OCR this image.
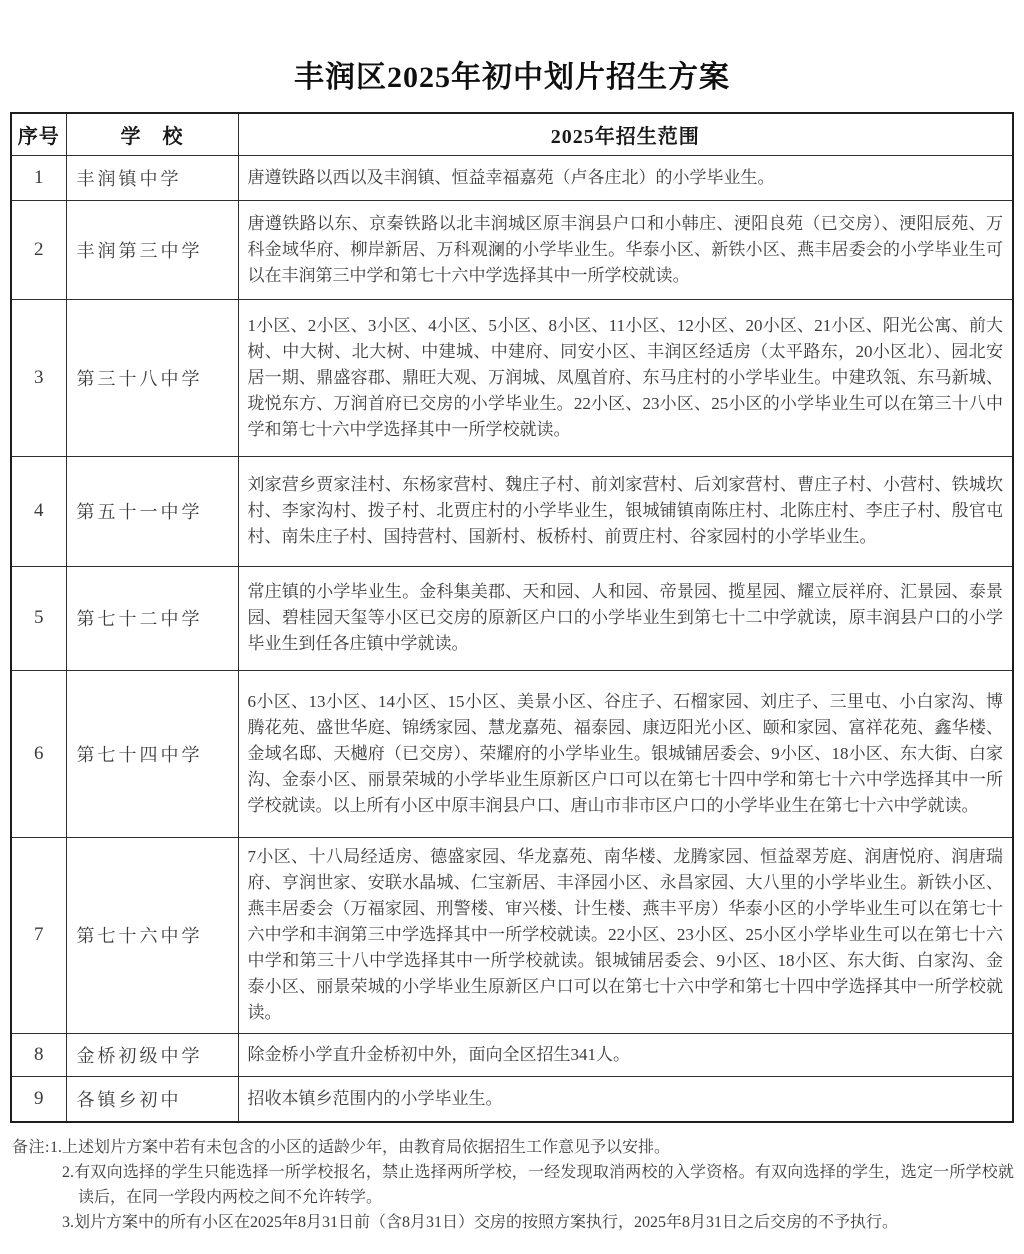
丰润区2025年初中划片招生方案
序号	学　校	2025年招生范围
1	丰润镇中学	唐遵铁路以西以及丰润镇、恒益幸福嘉苑（卢各庄北）的小学毕业生。
2	丰润第三中学	唐遵铁路以东、京秦铁路以北丰润城区原丰润县户口和小韩庄、浭阳良苑（已交房）、浭阳辰苑、万科金域华府、柳岸新居、万科观澜的小学毕业生。华泰小区、新铁小区、燕丰居委会的小学毕业生可以在丰润第三中学和第七十六中学选择其中一所学校就读。
3	第三十八中学	1小区、2小区、3小区、4小区、5小区、8小区、11小区、12小区、20小区、21小区、阳光公寓、前大树、中大树、北大树、中建城、中建府、同安小区、丰润区经适房（太平路东，20小区北）、园北安居一期、鼎盛容郡、鼎旺大观、万润城、凤凰首府、东马庄村的小学毕业生。中建玖瓴、东马新城、珑悦东方、万润首府已交房的小学毕业生。22小区、23小区、25小区的小学毕业生可以在第三十八中学和第七十六中学选择其中一所学校就读。
4	第五十一中学	刘家营乡贾家洼村、东杨家营村、魏庄子村、前刘家营村、后刘家营村、曹庄子村、小营村、铁城坎村、李家沟村、拨子村、北贾庄村的小学毕业生，银城铺镇南陈庄村、北陈庄村、李庄子村、殷官屯村、南朱庄子村、国持营村、国新村、板桥村、前贾庄村、谷家园村的小学毕业生。
5	第七十二中学	常庄镇的小学毕业生。金科集美郡、天和园、人和园、帝景园、揽星园、耀立辰祥府、汇景园、泰景园、碧桂园天玺等小区已交房的原新区户口的小学毕业生到第七十二中学就读，原丰润县户口的小学毕业生到任各庄镇中学就读。
6	第七十四中学	6小区、13小区、14小区、15小区、美景小区、谷庄子、石榴家园、刘庄子、三里屯、小白家沟、博腾花苑、盛世华庭、锦绣家园、慧龙嘉苑、福泰园、康迈阳光小区、颐和家园、富祥花苑、鑫华楼、金域名邸、天樾府（已交房）、荣耀府的小学毕业生。银城铺居委会、9小区、18小区、东大街、白家沟、金泰小区、丽景荣城的小学毕业生原新区户口可以在第七十四中学和第七十六中学选择其中一所学校就读。以上所有小区中原丰润县户口、唐山市非市区户口的小学毕业生在第七十六中学就读。
7	第七十六中学	7小区、十八局经适房、德盛家园、华龙嘉苑、南华楼、龙腾家园、恒益翠芳庭、润唐悦府、润唐瑞府、亨润世家、安联水晶城、仁宝新居、丰泽园小区、永昌家园、大八里的小学毕业生。新铁小区、燕丰居委会（万福家园、刑警楼、审兴楼、计生楼、燕丰平房）华泰小区的小学毕业生可以在第七十六中学和丰润第三中学选择其中一所学校就读。22小区、23小区、25小区小学毕业生可以在第七十六中学和第三十八中学选择其中一所学校就读。银城铺居委会、9小区、18小区、东大街、白家沟、金泰小区、丽景荣城的小学毕业生原新区户口可以在第七十六中学和第七十四中学选择其中一所学校就读。
8	金桥初级中学	除金桥小学直升金桥初中外，面向全区招生341人。
9	各镇乡初中	招收本镇乡范围内的小学毕业生。
备注:1.上述划片方案中若有未包含的小区的适龄少年，由教育局依据招生工作意见予以安排。
2.有双向选择的学生只能选择一所学校报名，禁止选择两所学校，一经发现取消两校的入学资格。有双向选择的学生，选定一所学校就读后，在同一学段内两校之间不允许转学。
3.划片方案中的所有小区在2025年8月31日前（含8月31日）交房的按照方案执行，2025年8月31日之后交房的不予执行。
